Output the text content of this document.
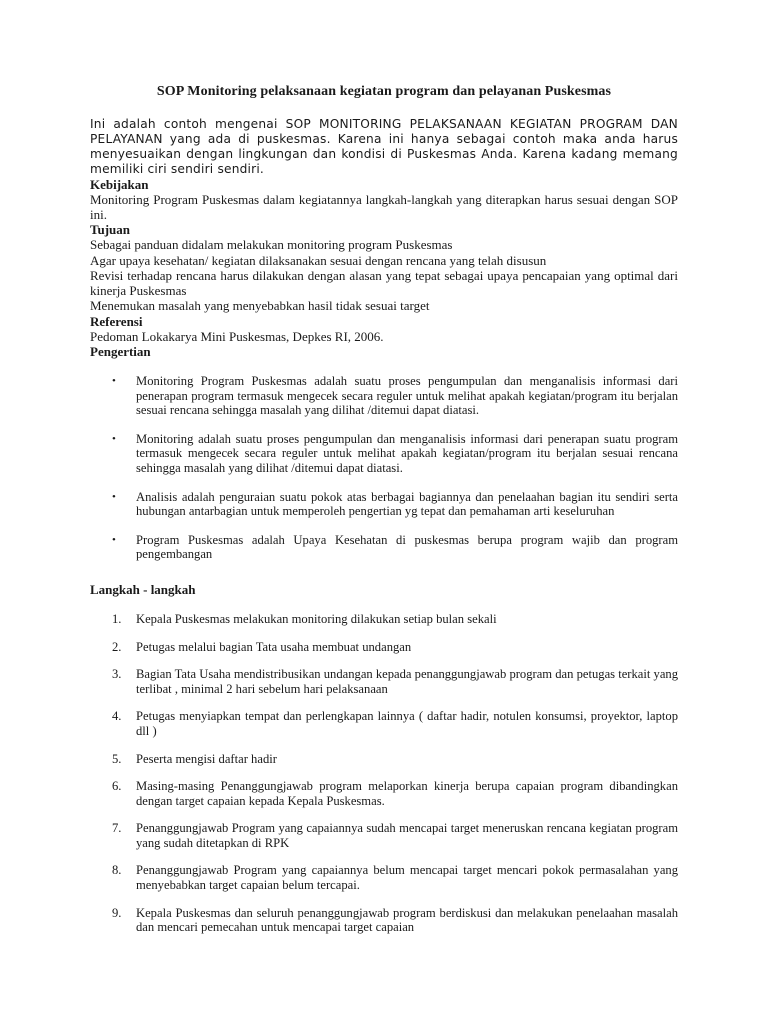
SOP Monitoring pelaksanaan kegiatan program dan pelayanan Puskesmas

Ini adalah contoh mengenai SOP MONITORING PELAKSANAAN KEGIATAN PROGRAM DAN PELAYANAN yang ada di puskesmas. Karena ini hanya sebagai contoh maka anda harus menyesuaikan dengan lingkungan dan kondisi di Puskesmas Anda. Karena kadang memang memiliki ciri sendiri sendiri.

Kebijakan

Monitoring Program Puskesmas dalam kegiatannya langkah-langkah yang diterapkan harus sesuai dengan SOP ini.

Tujuan

Sebagai panduan didalam melakukan monitoring program Puskesmas

Agar upaya kesehatan/ kegiatan dilaksanakan sesuai dengan rencana yang telah disusun

Revisi terhadap rencana harus dilakukan dengan alasan yang tepat sebagai upaya pencapaian yang optimal dari kinerja Puskesmas

Menemukan masalah yang menyebabkan hasil tidak sesuai target

Referensi

Pedoman Lokakarya Mini Puskesmas, Depkes RI, 2006.

Pengertian
• Monitoring Program Puskesmas adalah suatu proses pengumpulan dan menganalisis informasi dari penerapan program termasuk mengecek secara reguler untuk melihat apakah kegiatan/program itu berjalan sesuai rencana sehingga masalah yang dilihat /ditemui dapat diatasi.
• Monitoring adalah suatu proses pengumpulan dan menganalisis informasi dari penerapan suatu program termasuk mengecek secara reguler untuk melihat apakah kegiatan/program itu berjalan sesuai rencana sehingga masalah yang dilihat /ditemui dapat diatasi.
• Analisis adalah penguraian suatu pokok atas berbagai bagiannya dan penelaahan bagian itu sendiri serta hubungan antarbagian untuk memperoleh pengertian yg tepat dan pemahaman arti keseluruhan
• Program Puskesmas adalah Upaya Kesehatan di puskesmas berupa program wajib dan program pengembangan
Langkah - langkah
1. Kepala Puskesmas melakukan monitoring dilakukan setiap bulan sekali
2. Petugas melalui bagian Tata usaha membuat undangan
3. Bagian Tata Usaha mendistribusikan undangan kepada penanggungjawab program dan petugas terkait yang terlibat , minimal 2 hari sebelum hari pelaksanaan
4. Petugas menyiapkan tempat dan perlengkapan lainnya ( daftar hadir, notulen konsumsi, proyektor, laptop dll )
5. Peserta mengisi daftar hadir
6. Masing-masing Penanggungjawab program melaporkan kinerja berupa capaian program dibandingkan dengan target capaian kepada Kepala Puskesmas.
7. Penanggungjawab Program yang capaiannya sudah mencapai target meneruskan rencana kegiatan program yang sudah ditetapkan di RPK
8. Penanggungjawab Program yang capaiannya belum mencapai target mencari pokok permasalahan yang menyebabkan target capaian belum tercapai.
9. Kepala Puskesmas dan seluruh penanggungjawab program berdiskusi dan melakukan penelaahan masalah dan mencari pemecahan untuk mencapai target capaian
